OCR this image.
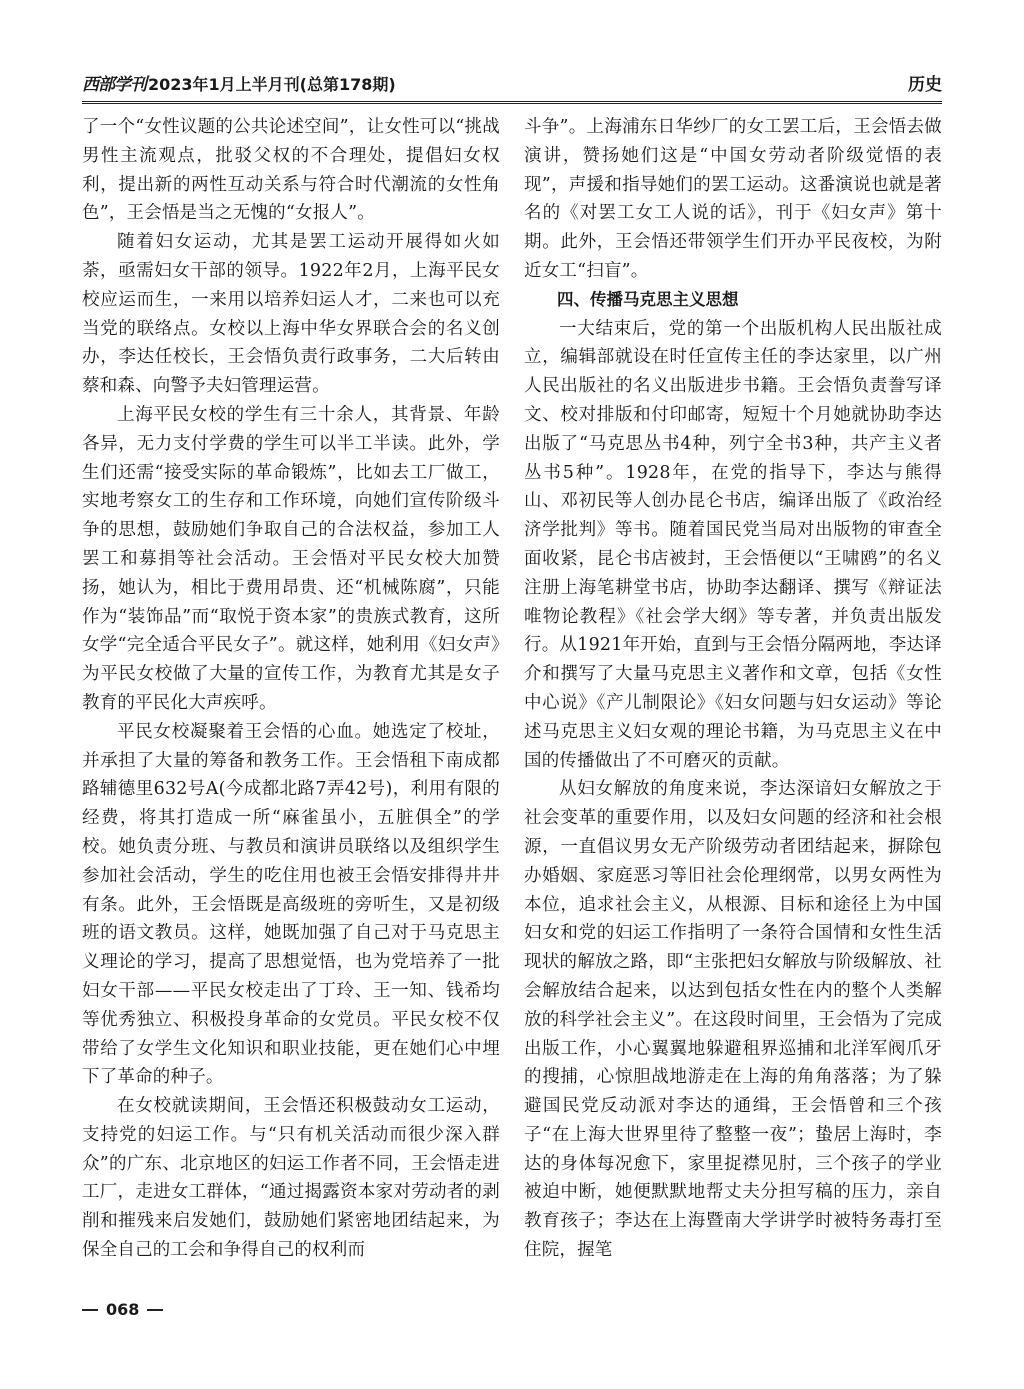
西部学刊 2023年1月上半月刊(总第178期)	历史

了一个“女性议题的公共论述空间”，让女性可以“挑战男性主流观点，批驳父权的不合理处，提倡妇女权利，提出新的两性互动关系与符合时代潮流的女性角色”，王会悟是当之无愧的“女报人”。

随着妇女运动，尤其是罢工运动开展得如火如荼，亟需妇女干部的领导。1922年2月，上海平民女校应运而生，一来用以培养妇运人才，二来也可以充当党的联络点。女校以上海中华女界联合会的名义创办，李达任校长，王会悟负责行政事务，二大后转由蔡和森、向警予夫妇管理运营。

上海平民女校的学生有三十余人，其背景、年龄各异，无力支付学费的学生可以半工半读。此外，学生们还需“接受实际的革命锻炼”，比如去工厂做工，实地考察女工的生存和工作环境，向她们宣传阶级斗争的思想，鼓励她们争取自己的合法权益，参加工人罢工和募捐等社会活动。王会悟对平民女校大加赞扬，她认为，相比于费用昂贵、还“机械陈腐”，只能作为“装饰品”而“取悦于资本家”的贵族式教育，这所女学“完全适合平民女子”。就这样，她利用《妇女声》为平民女校做了大量的宣传工作，为教育尤其是女子教育的平民化大声疾呼。

平民女校凝聚着王会悟的心血。她选定了校址，并承担了大量的筹备和教务工作。王会悟租下南成都路辅德里632号A(今成都北路7弄42号)，利用有限的经费，将其打造成一所“麻雀虽小，五脏俱全”的学校。她负责分班、与教员和演讲员联络以及组织学生参加社会活动，学生的吃住用也被王会悟安排得井井有条。此外，王会悟既是高级班的旁听生，又是初级班的语文教员。这样，她既加强了自己对于马克思主义理论的学习，提高了思想觉悟，也为党培养了一批妇女干部——平民女校走出了丁玲、王一知、钱希均等优秀独立、积极投身革命的女党员。平民女校不仅带给了女学生文化知识和职业技能，更在她们心中埋下了革命的种子。

在女校就读期间，王会悟还积极鼓动女工运动，支持党的妇运工作。与“只有机关活动而很少深入群众”的广东、北京地区的妇运工作者不同，王会悟走进工厂，走进女工群体，“通过揭露资本家对劳动者的剥削和摧残来启发她们，鼓励她们紧密地团结起来，为保全自己的工会和争得自己的权利而

斗争”。上海浦东日华纱厂的女工罢工后，王会悟去做演讲，赞扬她们这是“中国女劳动者阶级觉悟的表现”，声援和指导她们的罢工运动。这番演说也就是著名的《对罢工女工人说的话》，刊于《妇女声》第十期。此外，王会悟还带领学生们开办平民夜校，为附近女工“扫盲”。

四、传播马克思主义思想

一大结束后，党的第一个出版机构人民出版社成立，编辑部就设在时任宣传主任的李达家里，以广州人民出版社的名义出版进步书籍。王会悟负责誊写译文、校对排版和付印邮寄，短短十个月她就协助李达出版了“马克思丛书4种，列宁全书3种，共产主义者丛书5种”。1928年，在党的指导下，李达与熊得山、邓初民等人创办昆仑书店，编译出版了《政治经济学批判》等书。随着国民党当局对出版物的审查全面收紧，昆仑书店被封，王会悟便以“王啸鸥”的名义注册上海笔耕堂书店，协助李达翻译、撰写《辩证法唯物论教程》《社会学大纲》等专著，并负责出版发行。从1921年开始，直到与王会悟分隔两地，李达译介和撰写了大量马克思主义著作和文章，包括《女性中心说》《产儿制限论》《妇女问题与妇女运动》等论述马克思主义妇女观的理论书籍，为马克思主义在中国的传播做出了不可磨灭的贡献。

从妇女解放的角度来说，李达深谙妇女解放之于社会变革的重要作用，以及妇女问题的经济和社会根源，一直倡议男女无产阶级劳动者团结起来，摒除包办婚姻、家庭恶习等旧社会伦理纲常，以男女两性为本位，追求社会主义，从根源、目标和途径上为中国妇女和党的妇运工作指明了一条符合国情和女性生活现状的解放之路，即“主张把妇女解放与阶级解放、社会解放结合起来，以达到包括女性在内的整个人类解放的科学社会主义”。在这段时间里，王会悟为了完成出版工作，小心翼翼地躲避租界巡捕和北洋军阀爪牙的搜捕，心惊胆战地游走在上海的角角落落；为了躲避国民党反动派对李达的通缉，王会悟曾和三个孩子“在上海大世界里待了整整一夜”；蛰居上海时，李达的身体每况愈下，家里捉襟见肘，三个孩子的学业被迫中断，她便默默地帮丈夫分担写稿的压力，亲自教育孩子；李达在上海暨南大学讲学时被特务毒打至住院，握笔

068
